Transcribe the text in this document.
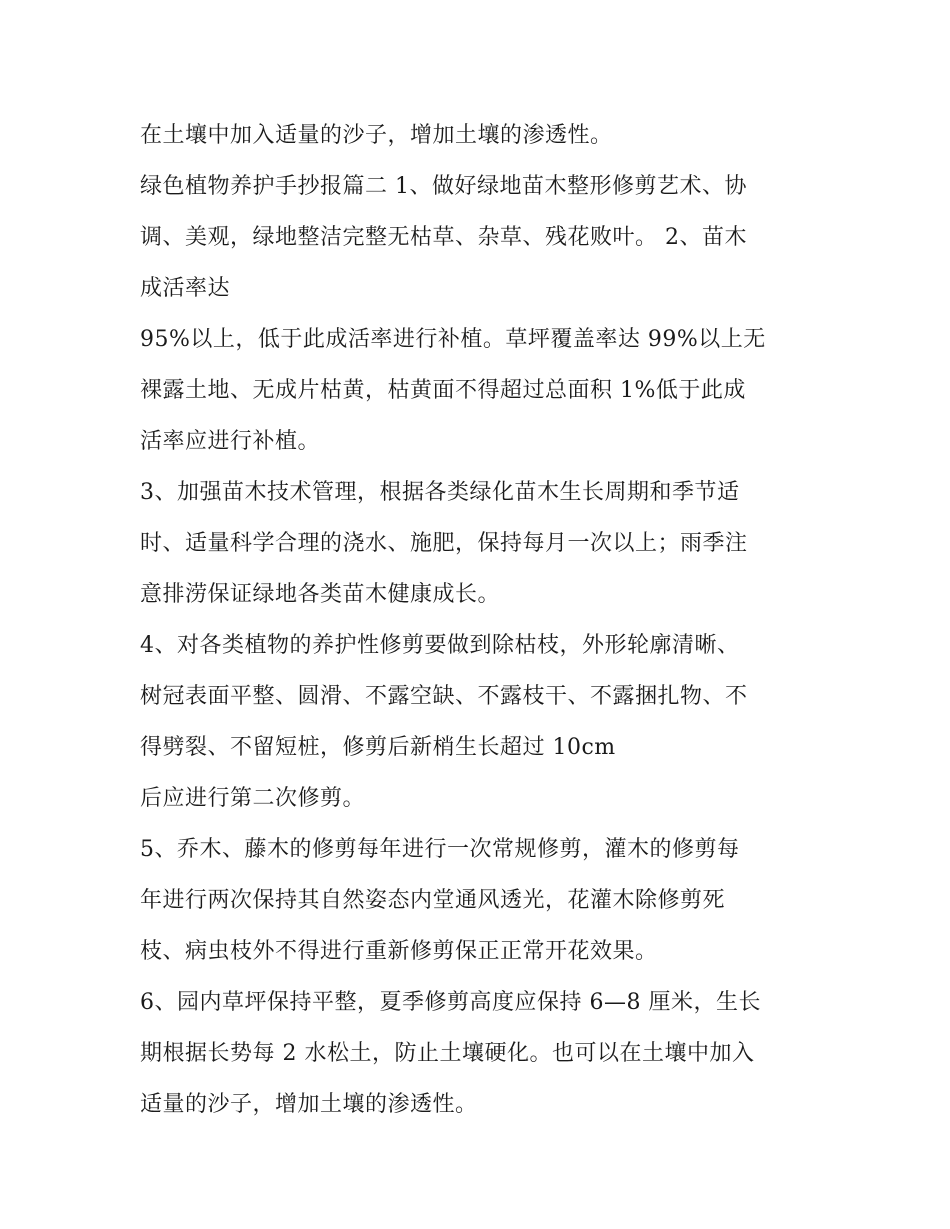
在土壤中加入适量的沙子，增加土壤的渗透性。
绿色植物养护手抄报篇二 1、做好绿地苗木整形修剪艺术、协
调、美观，绿地整洁完整无枯草、杂草、残花败叶。 2、苗木
成活率达
95%以上，低于此成活率进行补植。草坪覆盖率达 99%以上无
裸露土地、无成片枯黄，枯黄面不得超过总面积 1%低于此成
活率应进行补植。
3、加强苗木技术管理，根据各类绿化苗木生长周期和季节适
时、适量科学合理的浇水、施肥，保持每月一次以上；雨季注
意排涝保证绿地各类苗木健康成长。
4、对各类植物的养护性修剪要做到除枯枝，外形轮廓清晰、
树冠表面平整、圆滑、不露空缺、不露枝干、不露捆扎物、不
得劈裂、不留短桩，修剪后新梢生长超过 10cm
后应进行第二次修剪。
5、乔木、藤木的修剪每年进行一次常规修剪，灌木的修剪每
年进行两次保持其自然姿态内堂通风透光，花灌木除修剪死
枝、病虫枝外不得进行重新修剪保正正常开花效果。
6、园内草坪保持平整，夏季修剪高度应保持 6—8 厘米，生长
期根据长势每 2 水松土，防止土壤硬化。也可以在土壤中加入
适量的沙子，增加土壤的渗透性。
